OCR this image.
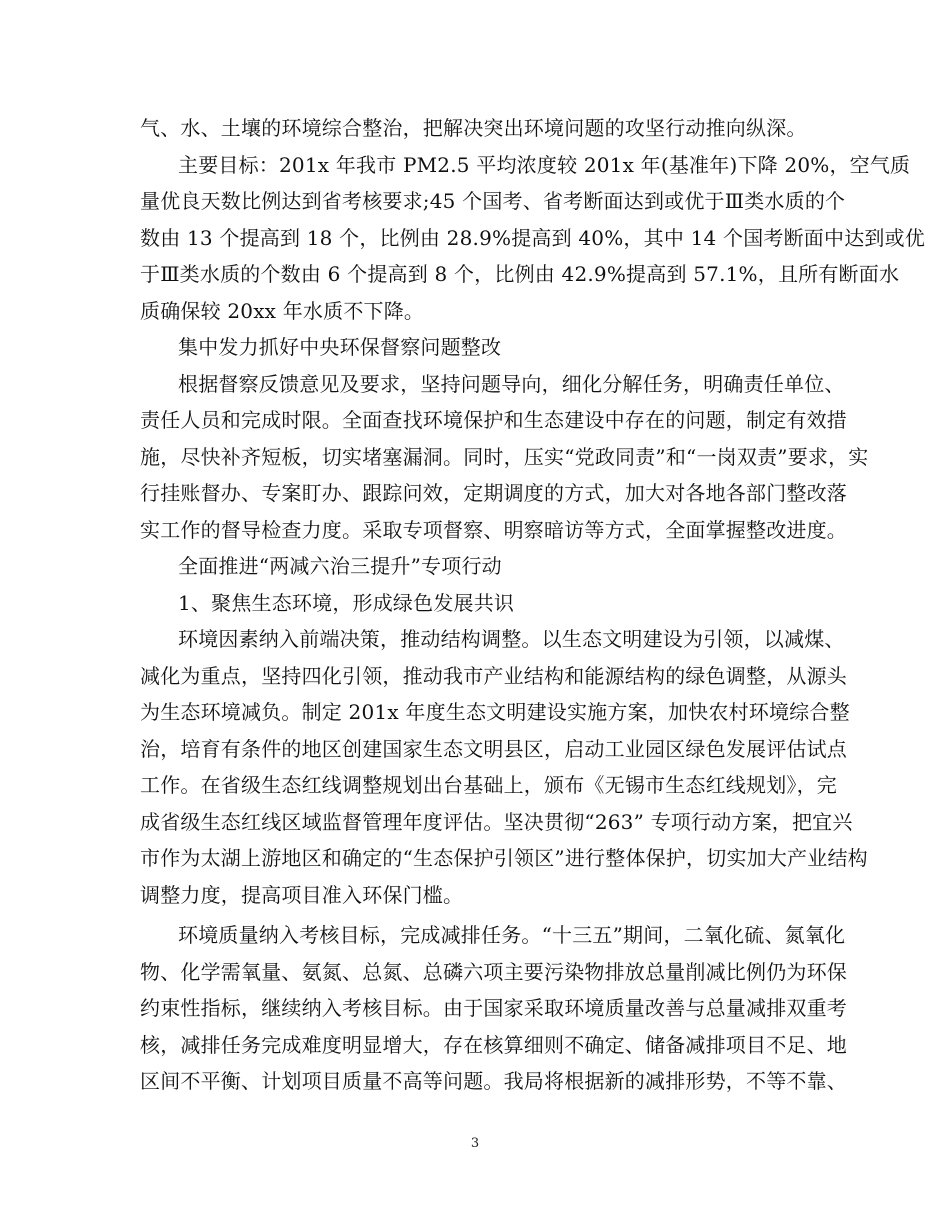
气、水、土壤的环境综合整治，把解决突出环境问题的攻坚行动推向纵深。
主要目标：201x 年我市 PM2.5 平均浓度较 201x 年(基准年)下降 20%，空气质
量优良天数比例达到省考核要求;45 个国考、省考断面达到或优于Ⅲ类水质的个
数由 13 个提高到 18 个，比例由 28.9%提高到 40%，其中 14 个国考断面中达到或优
于Ⅲ类水质的个数由 6 个提高到 8 个，比例由 42.9%提高到 57.1%，且所有断面水
质确保较 20xx 年水质不下降。
集中发力抓好中央环保督察问题整改
根据督察反馈意见及要求，坚持问题导向，细化分解任务，明确责任单位、
责任人员和完成时限。全面查找环境保护和生态建设中存在的问题，制定有效措
施，尽快补齐短板，切实堵塞漏洞。同时，压实“党政同责”和“一岗双责”要求，实
行挂账督办、专案盯办、跟踪问效，定期调度的方式，加大对各地各部门整改落
实工作的督导检查力度。采取专项督察、明察暗访等方式，全面掌握整改进度。
全面推进“两减六治三提升”专项行动
1、聚焦生态环境，形成绿色发展共识
环境因素纳入前端决策，推动结构调整。以生态文明建设为引领，以减煤、
减化为重点，坚持四化引领，推动我市产业结构和能源结构的绿色调整，从源头
为生态环境减负。制定 201x 年度生态文明建设实施方案，加快农村环境综合整
治，培育有条件的地区创建国家生态文明县区，启动工业园区绿色发展评估试点
工作。在省级生态红线调整规划出台基础上，颁布《无锡市生态红线规划》，完
成省级生态红线区域监督管理年度评估。坚决贯彻“263” 专项行动方案，把宜兴
市作为太湖上游地区和确定的“生态保护引领区”进行整体保护，切实加大产业结构
调整力度，提高项目准入环保门槛。
环境质量纳入考核目标，完成减排任务。“十三五”期间，二氧化硫、氮氧化
物、化学需氧量、氨氮、总氮、总磷六项主要污染物排放总量削减比例仍为环保
约束性指标，继续纳入考核目标。由于国家采取环境质量改善与总量减排双重考
核，减排任务完成难度明显增大，存在核算细则不确定、储备减排项目不足、地
区间不平衡、计划项目质量不高等问题。我局将根据新的减排形势，不等不靠、
3
